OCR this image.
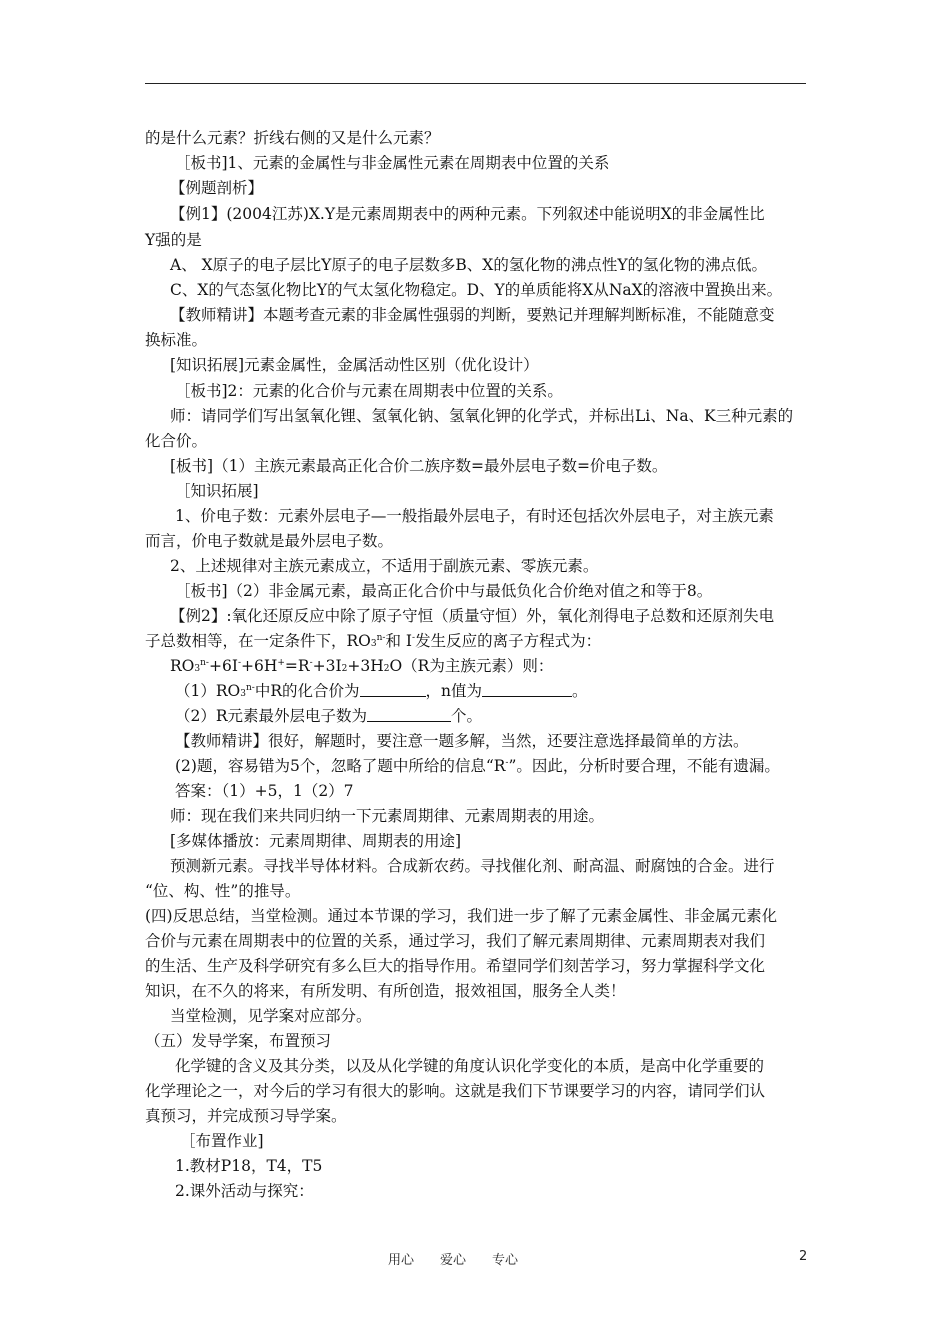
的是什么元素？折线右侧的又是什么元素？
［板书]1、元素的金属性与非金属性元素在周期表中位置的关系
【例题剖析】
【例1】(2004江苏)X.Y是元素周期表中的两种元素。下列叙述中能说明X的非金属性比
Y强的是
A、 X原子的电子层比Y原子的电子层数多B、X的氢化物的沸点性Y的氢化物的沸点低。
C、X的气态氢化物比Y的气太氢化物稳定。D、Y的单质能将X从NaX的溶液中置换出来。
【教师精讲】本题考查元素的非金属性强弱的判断，要熟记并理解判断标准，不能随意变
换标准。
[知识拓展]元素金属性，金属活动性区别（优化设计）
［板书]2：元素的化合价与元素在周期表中位置的关系。
师：请同学们写出氢氧化锂、氢氧化钠、氢氧化钾的化学式，并标出Li、Na、K三种元素的
化合价。
[板书]（1）主族元素最高正化合价二族序数=最外层电子数=价电子数。
［知识拓展]
1、价电子数：元素外层电子—一般指最外层电子，有时还包括次外层电子，对主族元素
而言，价电子数就是最外层电子数。
2、上述规律对主族元素成立，不适用于副族元素、零族元素。
［板书]（2）非金属元素，最高正化合价中与最低负化合价绝对值之和等于8。
【例2】:氧化还原反应中除了原子守恒（质量守恒）外，氧化剂得电子总数和还原剂失电
子总数相等，在一定条件下，$RO_3^{n-}$和 I-发生反应的离子方程式为：
$RO_3^{n-}+6I^-+6H^+=R^-+3I_2+3H_2O(R$为主族元素）则：
$(1)RO_3^{n-}$中R的化合价为	，n值为	。
（2）R元素最外层电子数为	个。
【教师精讲】很好，解题时，要注意一题多解，当然，还要注意选择最简单的方法。
(2)题，容易错为5个，忽略了题中所给的信息“R-”。因此，分析时要合理，不能有遗漏。
答案：（1）+5，1（2）7
师：现在我们来共同归纳一下元素周期律、元素周期表的用途。
[多媒体播放：元素周期律、周期表的用途]
预测新元素。寻找半导体材料。合成新农药。寻找催化剂、耐高温、耐腐蚀的合金。进行
“位、构、性”的推导。
(四)反思总结，当堂检测。通过本节课的学习，我们进一步了解了元素金属性、非金属元素化
合价与元素在周期表中的位置的关系，通过学习，我们了解元素周期律、元素周期表对我们
的生活、生产及科学研究有多么巨大的指导作用。希望同学们刻苦学习，努力掌握科学文化
知识，在不久的将来，有所发明、有所创造，报效祖国，服务全人类！
当堂检测，见学案对应部分。
（五）发导学案，布置预习
化学键的含义及其分类，以及从化学键的角度认识化学变化的本质，是高中化学重要的
化学理论之一，对今后的学习有很大的影响。这就是我们下节课要学习的内容，请同学们认
真预习，并完成预习导学案。
［布置作业]
1.教材P18，T4，T5
2.课外活动与探究：
用心　　爱心　　专心	2
